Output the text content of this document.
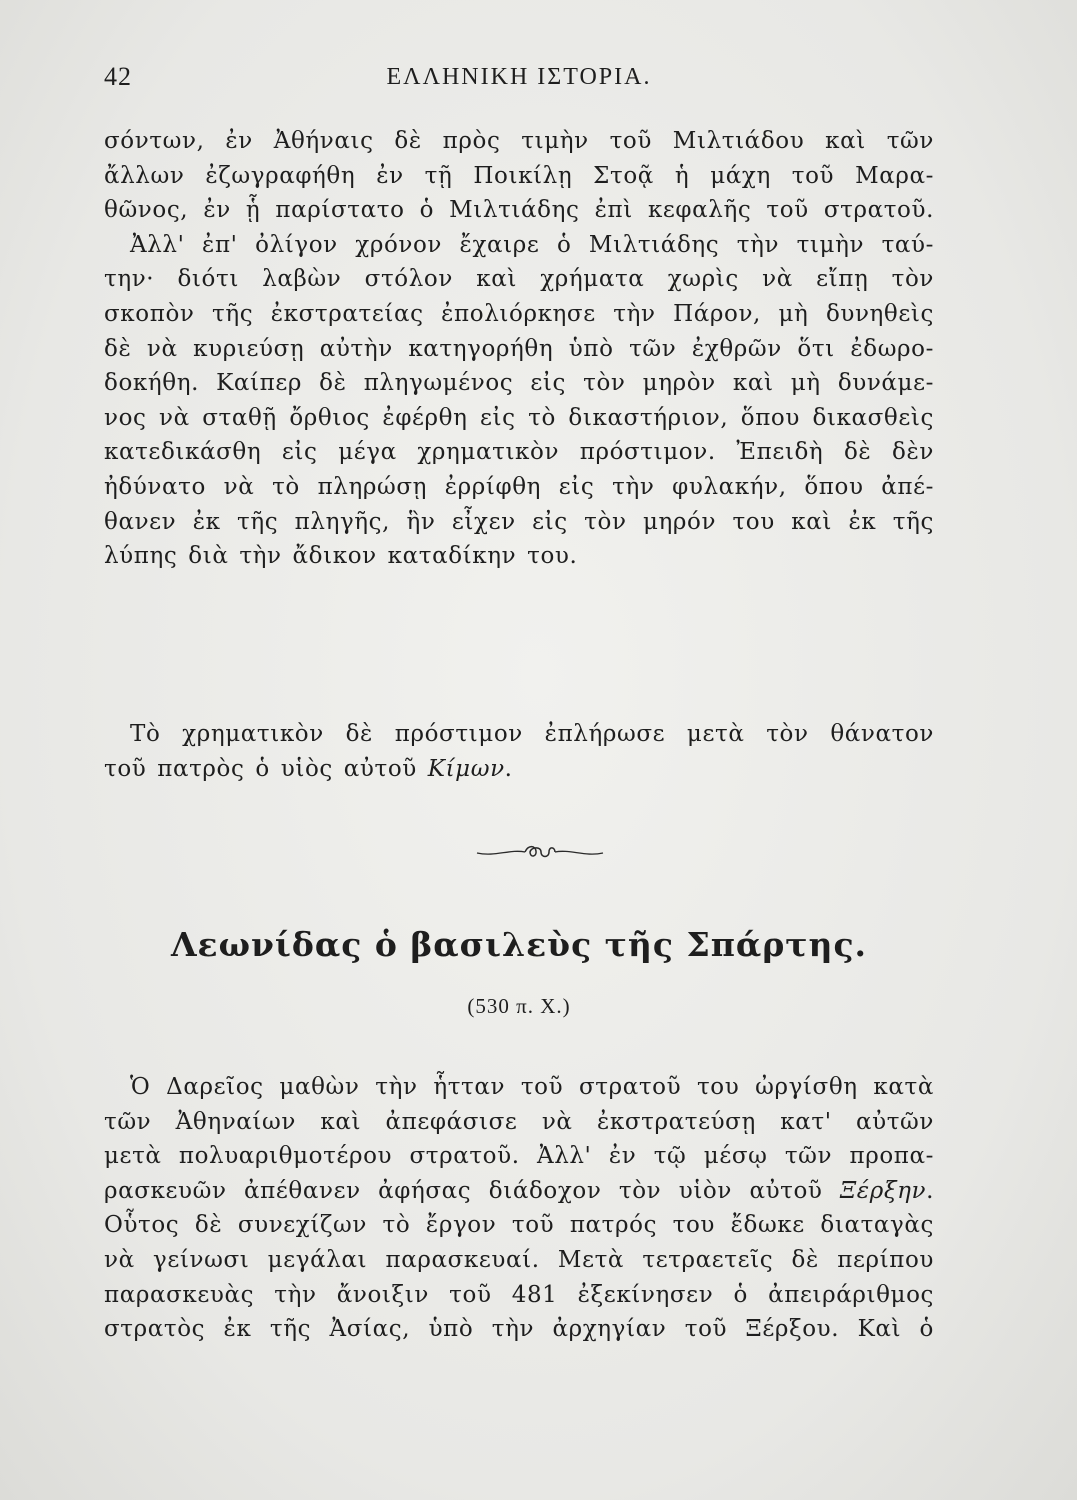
42	ΕΛΛΗΝΙΚΗ ΙΣΤΟΡΙΑ.
σόντων, ἐν Ἀθήναις δὲ πρὸς τιμὴν τοῦ Μιλτιάδου καὶ τῶν
ἄλλων ἐζωγραφήθη ἐν τῇ Ποικίλῃ Στοᾷ ἡ μάχη τοῦ Μαρα-
θῶνος, ἐν ᾗ παρίστατο ὁ Μιλτιάδης ἐπὶ κεφαλῆς τοῦ στρατοῦ.
Ἀλλ' ἐπ' ὀλίγον χρόνον ἔχαιρε ὁ Μιλτιάδης τὴν τιμὴν ταύ-
την· διότι λαβὼν στόλον καὶ χρήματα χωρὶς νὰ εἴπῃ τὸν
σκοπὸν τῆς ἐκστρατείας ἐπολιόρκησε τὴν Πάρον, μὴ δυνηθεὶς
δὲ νὰ κυριεύσῃ αὐτὴν κατηγορήθη ὑπὸ τῶν ἐχθρῶν ὅτι ἐδωρο-
δοκήθη. Καίπερ δὲ πληγωμένος εἰς τὸν μηρὸν καὶ μὴ δυνάμε-
νος νὰ σταθῇ ὄρθιος ἐφέρθη εἰς τὸ δικαστήριον, ὅπου δικασθεὶς
κατεδικάσθη εἰς μέγα χρηματικὸν πρόστιμον. Ἐπειδὴ δὲ δὲν
ἠδύνατο νὰ τὸ πληρώσῃ ἐρρίφθη εἰς τὴν φυλακήν, ὅπου ἀπέ-
θανεν ἐκ τῆς πληγῆς, ἣν εἶχεν εἰς τὸν μηρόν του καὶ ἐκ τῆς
λύπης διὰ τὴν ἄδικον καταδίκην του.
Τὸ χρηματικὸν δὲ πρόστιμον ἐπλήρωσε μετὰ τὸν θάνατον
τοῦ πατρὸς ὁ υἱὸς αὐτοῦ Κίμων.
Λεωνίδας ὁ βασιλεὺς τῆς Σπάρτης.
(530 π. Χ.)
Ὁ Δαρεῖος μαθὼν τὴν ἧτταν τοῦ στρατοῦ του ὠργίσθη κατὰ
τῶν Ἀθηναίων καὶ ἀπεφάσισε νὰ ἐκστρατεύσῃ κατ' αὐτῶν
μετὰ πολυαριθμοτέρου στρατοῦ. Ἀλλ' ἐν τῷ μέσῳ τῶν προπα-
ρασκευῶν ἀπέθανεν ἀφήσας διάδοχον τὸν υἱὸν αὐτοῦ Ξέρξην.
Οὗτος δὲ συνεχίζων τὸ ἔργον τοῦ πατρός του ἔδωκε διαταγὰς
νὰ γείνωσι μεγάλαι παρασκευαί. Μετὰ τετραετεῖς δὲ περίπου
παρασκευὰς τὴν ἄνοιξιν τοῦ 481 ἐξεκίνησεν ὁ ἀπειράριθμος
στρατὸς ἐκ τῆς Ἀσίας, ὑπὸ τὴν ἀρχηγίαν τοῦ Ξέρξου. Καὶ ὁ
